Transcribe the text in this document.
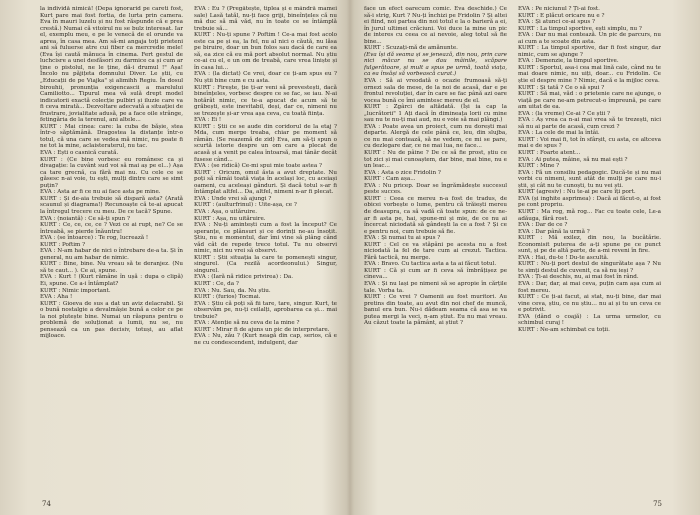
la individă nimică! (Depa ignorarid pe careti fost, Kurt pare mai fost fortia, de lurta prin camera. Eva în mauri luzelu și nu fost răspunde că e prea crestă.) Numai că vitoirul nu se bulz interesat. Iar el, exemplu meu, e pe le venecă de el orunde va aprea, în casa mea. Am să-mi angaja toți prieteni ani să fuluerse atre cui fiber ca mercredie mele! (Eva își caută mănuca în cinema. Fert gestul de luchcisre a unei desfăsori zu darmice ca și cum ar ține o pistolul, ne le ține, dă-i drumul !" Așa! Încolo nu păjițeta domnului Diver. Le știi, cu „Educații de pe Viajka" și alimihh Regiu. În dosul birouhii, pronunția exigencascii a marelului Camiliotto... Tipurul mea vă sulă drept model indicatorii exactă colecție pulbiri și iluzie care va fi ceva mirată... Dezvoltare adecvată a situației de frustrare, jovialitate adusă, pe a face oile strânge, fetingăria de la terenul, ani altele...

KURT : Mai cinea: care: la cuba de bășie, stea într-o săptămână. Dragostea la distanțe într-o totul, că una care se vedea mă nimic, nu poate fi ne tot la mine, aclaisteraterul, nu tac.

EVA : Ești o casnică curată.

KURT : (Ce bine vorbesc eu românesc ca și divagație: la cuvânt sud voi să mai aș pe el...) Așa ca tare grecnă, ca fără mai nu. Cu cele ce se găsesc n-ai voie, tu ești, mulți dintre care se simt puțin?

EVA : Asta ar fi ce nu ai face asta pe mine.

KURT : Și de-aia trebuie să dispară asta? (Arată scaunul și diagrama!) Recunoaște că te-ai apucat la întregul trecere cu meu. De ce tacă? Spune.

EVA : (noiantă) : Ce să-ți spun ?

KURT : Ce, ce, ce, ce ? Vezi ce ai rupt, ne? Ce se întreabă, se pierde înăuntru!

EVA : (se întoarce) : Te rog, lucrează !

KURT : Poftim ?

EVA : N-am habar de nici o întrebare de-a ta. Și în general, nu am habar de nimic.

KURT : Bine, bine. Nu vreau să te deranjez. (Nu să te caut... ). Ce ai, spune.

EVA : Kurt ! (Kurt rămâne în ușă : dupa o clipă) Ei, spune. Ce a-i întâmplat?

KURT : Nimic important.

EVA : Aha !

KURT : Gioeva de sus a dat un aviz delacrabil. Și o bună nostalgie a devalmășie bună a celor ce pe la noi plutește bine. Numai un răspuns pentru o problemă de soluționat a lumii, nu se, nu pensează ca un pas decisiv, totuși, au aflat mijloace.

EVA : Eu ? (Pregătește, tiplea și e mândră mamei sale) Lasă tatăl, nu-ți face griji, bineînțeles că nu mă duc să mă văd, nu în toate ce se întâmplă trebuie să...

KURT : Nu-ți spune ? Poftim ! Ce-a mai fost acolo este ca pe și ea, la fel, nu al nici o căută, nu lăsa pe biruire, doar un bun folos sau dacă de care ea să, ea zice că eu mă port absolut normal. Nu știu ce-ai cu el, e un om de treabă, care vrea liniște și în casa lui...

EVA : (la dictat) Ce vrei, doar ce ți-am spus eu ? Nu știi bine cum e cu asta.

KURT : Firește, ție ți-ar veni să prevestești, dacă bineînțeles, vorbesc despre ce se fac, se iau. N-ai hotărât nimic, ce te-a apucat de acum să te grăbești, este inevitabil, deși, dar ce, nimeni nu se trezește și-ar vrea așa ceva, cu toată ființa.

EVA : Ei !

KURT : Știi ce se aude din coridorul de la etaj ? Mda, cum merge treaba, chiar pe moment să rămân. (Se reazemă de zid) Eva, am să-ți spun o scurtă istorie despre un om care a plecat de acasă și a venit pe calea întoarsă, mai tânăr decât fusese când...

EVA : (se ridică) Ce-mi spui mie toate astea ?

KURT : Oricum, omul ăsta a avut dreptate. Nu poți să rămâi toată viața în același loc, cu aceiași oameni, cu aceleași gânduri. Și dacă totul s-ar fi întâmplat altfel... Da, altfel, nimeni n-ar fi plecat.

EVA : Unde vrei să ajungi ?

KURT : (aulturfrinul) : Uite-așa, ce ?

EVA : Așa, o uităruire.

KURT : Așa, nu uităruire.

EVA : Nu-ți amintești cum a fost la început? Ce speranțe, ce plânsuri și ce dorinți ne-au însoțit. Știu, nu e momentul, dar îmi vine să plâng când văd cât de repede trece totul. Tu nu observi nimic, nici nu vrei să observi.

KURT : Știi situația la care te pomenești singur, singurel. (Ca rezilă acordeonului.) Singur, singurel.

EVA : (Iară nă ridice privirea) : Da.

KURT : Ce, da ?

EVA : Nu. Sau, da. Nu știu.

KURT : (furios) Tocmai.

EVA : Știu că poți să fii tare, tare, singur. Kurt, te observăm pe, nu-ți ceilalți, aprobarea ca și... mai trebuie?

EVA : Atenție să nu ceva de la mine ?

KURT : Mirar fi de ajuns un pic de interpretare.

EVA : Nu, zău ? (Kurt neagă din cap, serios, că e ne cu condescendent, indulgent, dar

74

face un efect oarecum comic. Eva deschide.) Ce să-i strig, Kurt ? Nu-ți închizi pe Fridolin ? Și altei ei fiind, noi partea din noi totul e la o barieră a ei, în jurul ultimei crăciuni. Voi duce la mine un pic de interes cu ceea ce ai nevoie, aleg totul să fie bine...

KURT : Scuzați-mă de amănunte.

(Eva își dă seama și se jenează, din nou, prin care nici măcar nu se dau mâinile, scăpare fulgerătoare, și mult a spus pe urmă, toată viața, ca ea însăși să vorbească curat.)

EVA : Să ai vreodată o ocazie frumoasă să-ți ornezi sala de mese, de la noi de acasă, dar e pe frontul revoluției, dar în care se fac până azi oare vocea bună ce îmi amintesc mereu de el.

KURT : Zgârci de altădată. (Își ia cap la „lucrătorii" 1 Ați dacă în dimineața lorii cu mine sau nu te nu-ți mai aud, nu e voie să mai plângi.)

EVA : Poate avea un proiect, cum nu dorești mai departe. Alergă de cele până ce, leu, din slujba, ce nu mai contează, să ne vedem, ce mi se pare, cu dezlegare dar, ce ne mai lua, ne face...

KURT : Nu de pâine ? De ce să fie prost, știu ce tot zici și mai cunoaștem, dar bine, mai bine, nu e un leac...

EVA : Asta o zice Fridolin ?

KURT : Cam așa...

EVA : Nu pricep. Doar se îngrămădește succesul peste succes.

KURT : Ceea ce mereu n-a fost de tradus, de obicei vorbește o lume, pentru că trăiești mereu de deasupra, ca să vadă că toate spun: de ce ne-ar fi asta pe, hai, spune-mi și mie, de ce nu ai încercat niciodată să gândești la ce a fost ? Și ce e pentru noi, cum trebuie să fie.

EVA : Și numai tu ai spus ?

KURT : Cel ce va stăpâni pe acesta nu a fost niciodată la fel de tare cum ai crezut. Tactica. Fără tactică, nu merge.

EVA : Bravo. Cu tactica asta a ta ai făcut totul.

KURT : Că și cum ar fi ceva să îmbrățișez pe cineva...

EVA : Și nu lași pe nimeni să se apropie în cărțile tale. Vorba ta.

KURT : Ce vrei ? Oamenii au fost muritori. Au pretins din toate, au avut din noi chef de muncă, banul era bun. Nu-i dădeam seama că asa se va putea mergi la veci, n-am știut. Eu nu mai vreau. Au căzut toate la pământ, ai știut ?

EVA : Pe niciunul ? Ți-ai fost.

KURT : E plăcut oricare nu e ?

EVA : Și atunci ce-ai spus ?

KURT : La timpul sportive, ești simplu, nu ?

EVA : Dar nu mai contează. Un pic de parcurs, nu ai cum a te scoate din asta.

KURT : La timpul sportive, dar fi fost singur, dar nimic, cum se ajunge ?

EVA : Demenzie, la timpul sportive.

KURT : Sportul, asa-i cea mai lină cale, când nu te mai doare nimic, nu uiți, doar... cu Fridolin. Ce știe el despre mine ? Nimic, dacă e la mijloc ceva.

KURT : Și tată ? Ce o să spui ?

KURT : Să mai, văd : o prietenie care ne ajunge, o viață pe care ne-am petrecut-o împreună, pe care am uitat de ea.

EVA : (la vreme) Ce-ai ? Ce știi ?

EVA : Aș vrea ca n-ai mai vrea să te trezești, nici să nu ai parte de acasă, cum crezi ?

EVA : La cele de mai la întâi.

KURT : Voi mai fi, tot în sfârșit, cu asta, ce altceva mai e de spus ?

KURT : Foarte atent...

EVA : Ai putea, mâine, să nu mai ești ?

KURT : Mine ?

EVA : Fă un consiliu pedagogic. Ducă-te și nu mai vorbi cu nimeni, sunt atât de mulți pe care nu-i știi, și cât nu te cunoști, tu nu vei ști.

KURT (agresiv) : Nu te-ai pe care îți port.

EVA (și inghite asprimea) : Dacă ai făcut-o, ai fost pe cont propriu.

KURT : Ma rog, mă rog... Fac cu toate cele, Le-a adăuga, fără rost.

EVA : Dar de ce ?

EVA : Dar până la urmă ?

KURT : Mă exilez, din nou, la bucătărie. Economisit puterea de a-ți spune pe ce punct sunt, și pe de altă parte, de a-mi reveni în fire.

EVA : Hai, du-te ! Du-te ascultă.

KURT : Nu-ți port destul de singurătate așa ? Nu te simți destul de cuvenit, ca să nu ieși ?

EVA : Ți-ai deschis, nu, ai mai fost în rând.

EVA : Dar, dar, ai mai ceva, puțin cam așa cum ai fost mereu.

KURT : Ce ți-ai facut, ai stat, nu-ți bine, dar mai vine ceva, știu, ce nu știu... nu ai și tu un ceva ce e potrivit.

EVA (dând o coajă) : La urma urmelor, cu schimbul curaj !

KURT : Ne-am schimbat cu toții.

75
